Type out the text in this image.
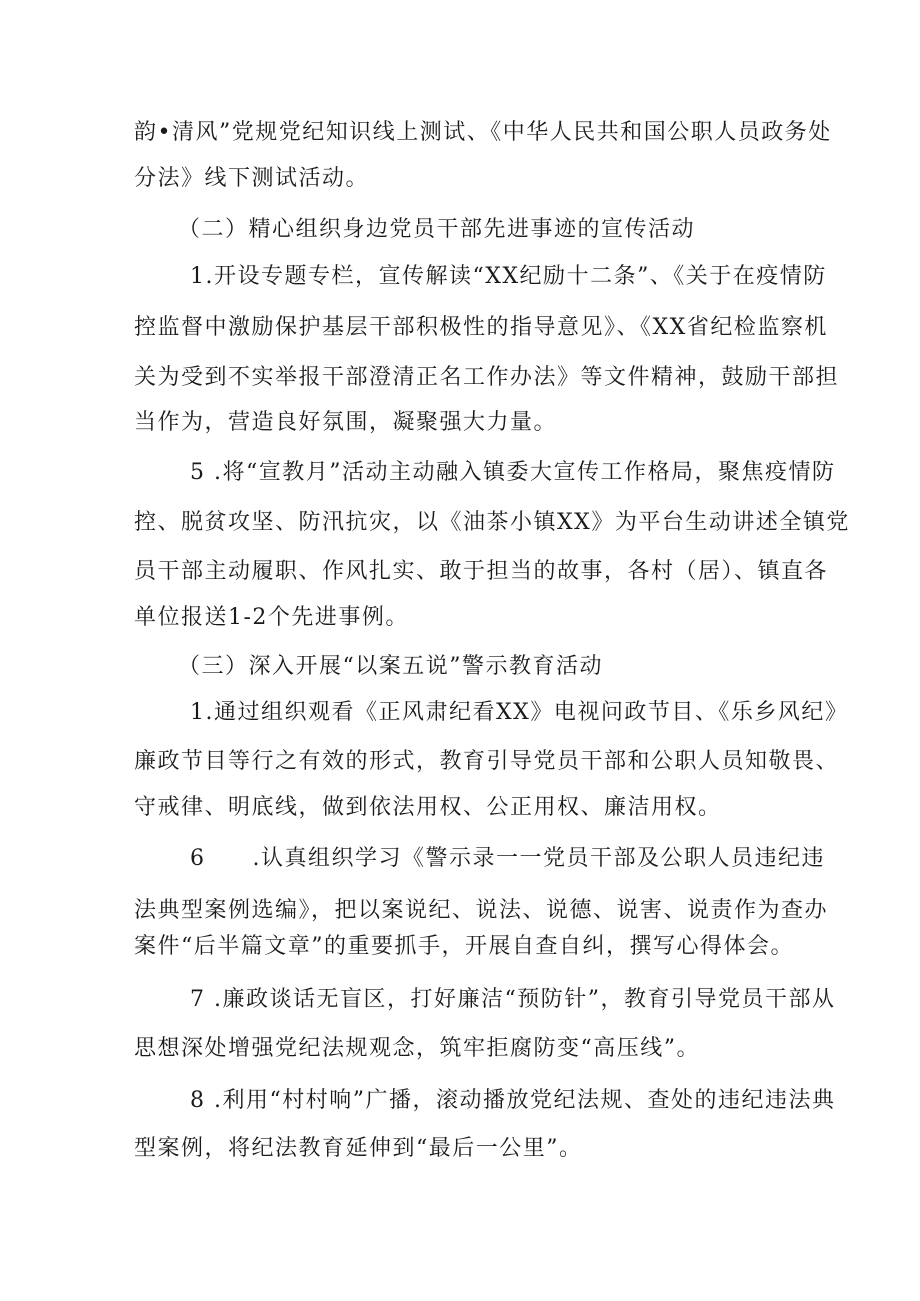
韵•清风”党规党纪知识线上测试、《中华人民共和国公职人员政务处
分法》线下测试活动。
（二）精心组织身边党员干部先进事迹的宣传活动
1.开设专题专栏，宣传解读“XX纪励十二条”、《关于在疫情防
控监督中激励保护基层干部积极性的指导意见》、《XX省纪检监察机
关为受到不实举报干部澄清正名工作办法》等文件精神，鼓励干部担
当作为，营造良好氛围，凝聚强大力量。
5 .将“宣教月”活动主动融入镇委大宣传工作格局，聚焦疫情防
控、脱贫攻坚、防汛抗灾，以《油茶小镇XX》为平台生动讲述全镇党
员干部主动履职、作风扎实、敢于担当的故事，各村（居）、镇直各
单位报送1-2个先进事例。
（三）深入开展“以案五说”警示教育活动
1.通过组织观看《正风肃纪看XX》电视问政节目、《乐乡风纪》
廉政节目等行之有效的形式，教育引导党员干部和公职人员知敬畏、
守戒律、明底线，做到依法用权、公正用权、廉洁用权。
6　　.认真组织学习《警示录一一党员干部及公职人员违纪违
法典型案例选编》，把以案说纪、说法、说德、说害、说责作为查办
案件“后半篇文章”的重要抓手，开展自查自纠，撰写心得体会。
7 .廉政谈话无盲区，打好廉洁“预防针”，教育引导党员干部从
思想深处增强党纪法规观念，筑牢拒腐防变“高压线”。
8 .利用“村村响”广播，滚动播放党纪法规、查处的违纪违法典
型案例，将纪法教育延伸到“最后一公里”。
